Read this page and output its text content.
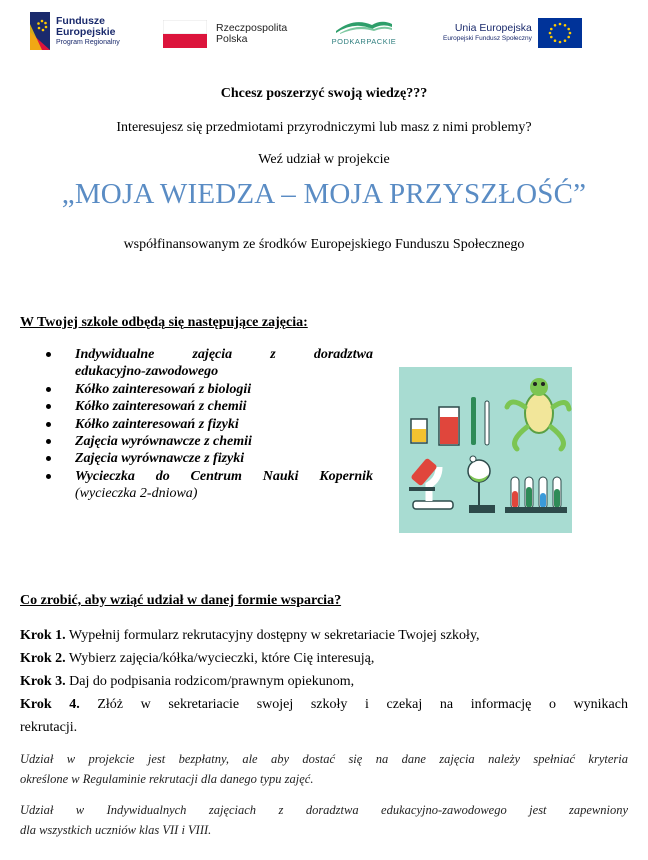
Fundusze
Europejskie
Program Regionalny
Rzeczpospolita
Polska	PODKARPACKIE
Unia Europejska
Europejski Fundusz Społeczny
Chcesz poszerzyć swoją wiedzę???
Interesujesz się przedmiotami przyrodniczymi lub masz z nimi problemy?
Weź udział w projekcie
„MOJA WIEDZA – MOJA PRZYSZŁOŚĆ”
współfinansowanym ze środków Europejskiego Funduszu Społecznego
W Twojej szkole odbędą się następujące zajęcia:
Indywidualne zajęcia z doradztwa
edukacyjno-zawodowego
Kółko zainteresowań z biologii
Kółko zainteresowań z chemii
Kółko zainteresowań z fizyki
Zajęcia wyrównawcze z chemii
Zajęcia wyrównawcze z fizyki
Wycieczka do Centrum Nauki Kopernik
(wycieczka 2-dniowa)
Co zrobić, aby wziąć udział w danej formie wsparcia?

Krok 1. Wypełnij formularz rekrutacyjny dostępny w sekretariacie Twojej szkoły,

Krok 2. Wybierz zajęcia/kółka/wycieczki, które Cię interesują,

Krok 3. Daj do podpisania rodzicom/prawnym opiekunom,

Krok 4. Złóż w sekretariacie swojej szkoły i czekaj na informację o wynikach

rekrutacji.

Udział w projekcie jest bezpłatny, ale aby dostać się na dane zajęcia należy spełniać kryteria
określone w Regulaminie rekrutacji dla danego typu zajęć.
Udział w Indywidualnych zajęciach z doradztwa edukacyjno-zawodowego jest zapewniony
dla wszystkich uczniów klas VII i VIII.
